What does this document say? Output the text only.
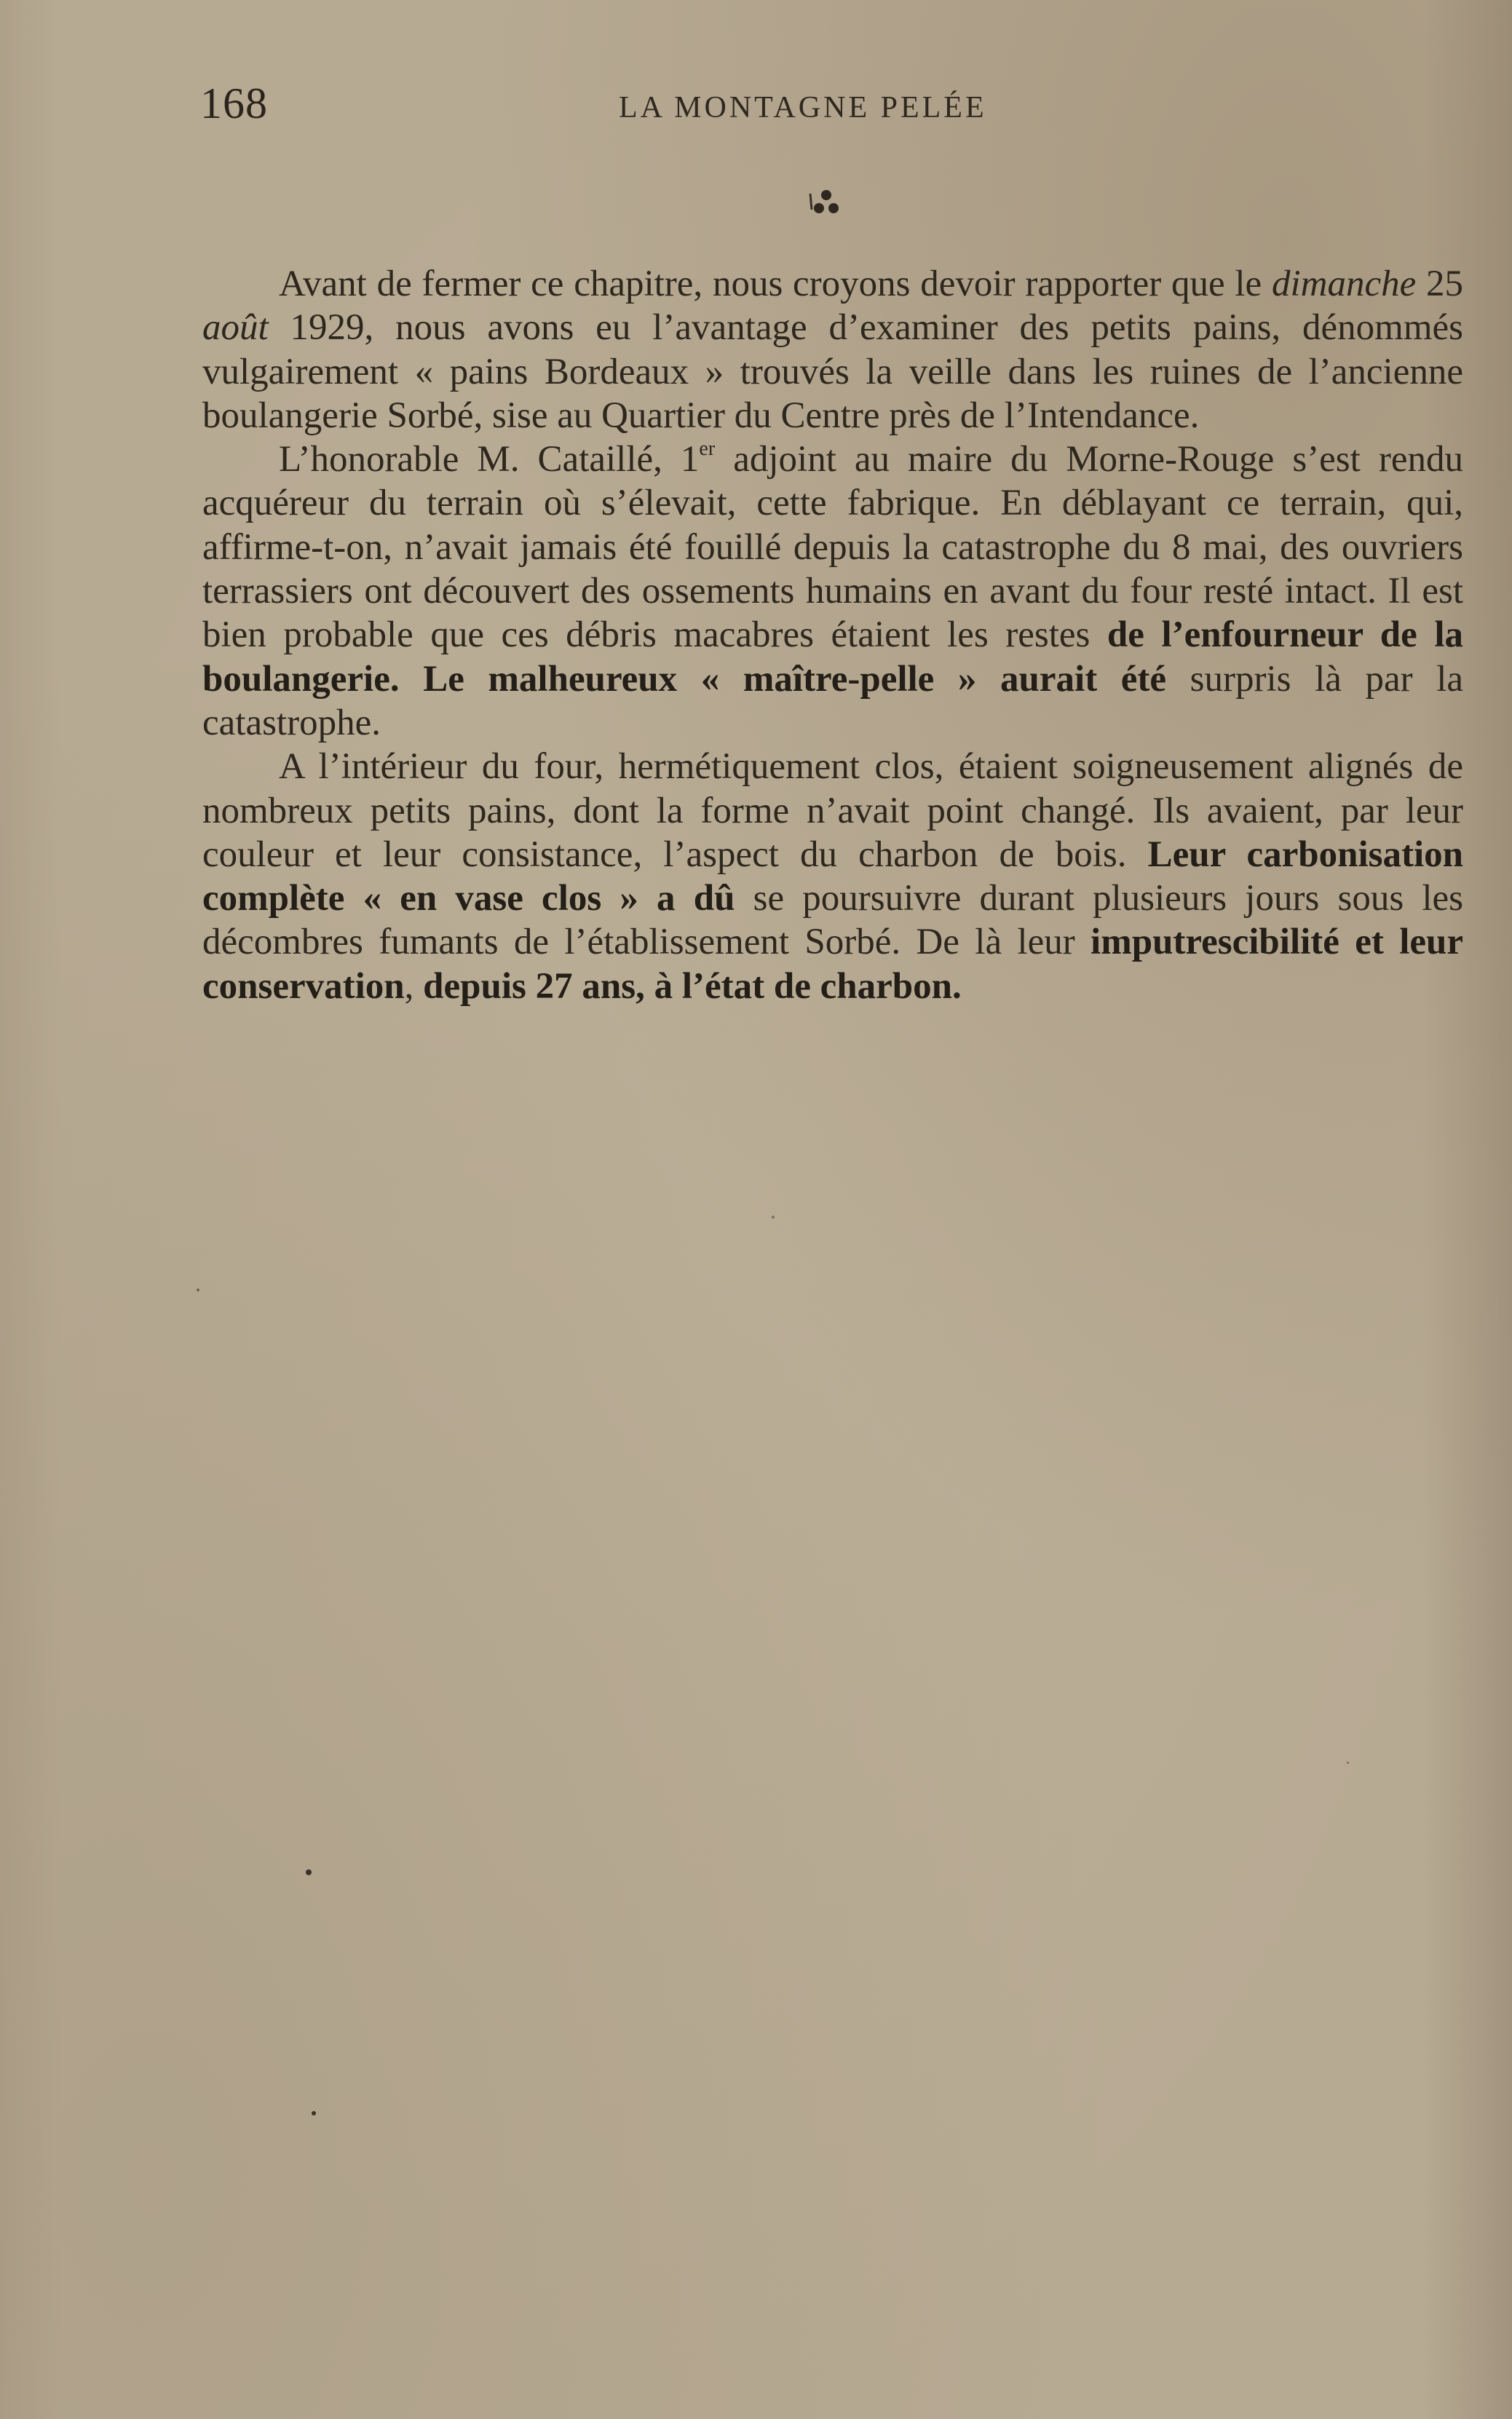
168	LA MONTAGNE PELÉE

Avant de fermer ce chapitre, nous croyons devoir rapporter que le dimanche 25 août 1929, nous avons eu l’avantage d’examiner des petits pains, dénommés vulgairement « pains Bordeaux » trouvés la veille dans les ruines de l’ancienne boulangerie Sorbé, sise au Quartier du Centre près de l’Intendance.

L’honorable M. Cataillé, 1er adjoint au maire du Morne-Rouge s’est rendu acquéreur du terrain où s’élevait, cette fabrique. En déblayant ce terrain, qui, affirme-t-on, n’avait jamais été fouillé depuis la catastrophe du 8 mai, des ouvriers terrassiers ont découvert des ossements humains en avant du four resté intact. Il est bien probable que ces débris macabres étaient les restes de l’enfourneur de la boulangerie. Le malheureux « maître-pelle » aurait été surpris là par la catastrophe.

A l’intérieur du four, hermétiquement clos, étaient soigneusement alignés de nombreux petits pains, dont la forme n’avait point changé. Ils avaient, par leur couleur et leur consistance, l’aspect du charbon de bois. Leur carbonisation complète « en vase clos » a dû se poursuivre durant plusieurs jours sous les décombres fumants de l’établissement Sorbé. De là leur imputrescibilité et leur conservation, depuis 27 ans, à l’état de charbon.
